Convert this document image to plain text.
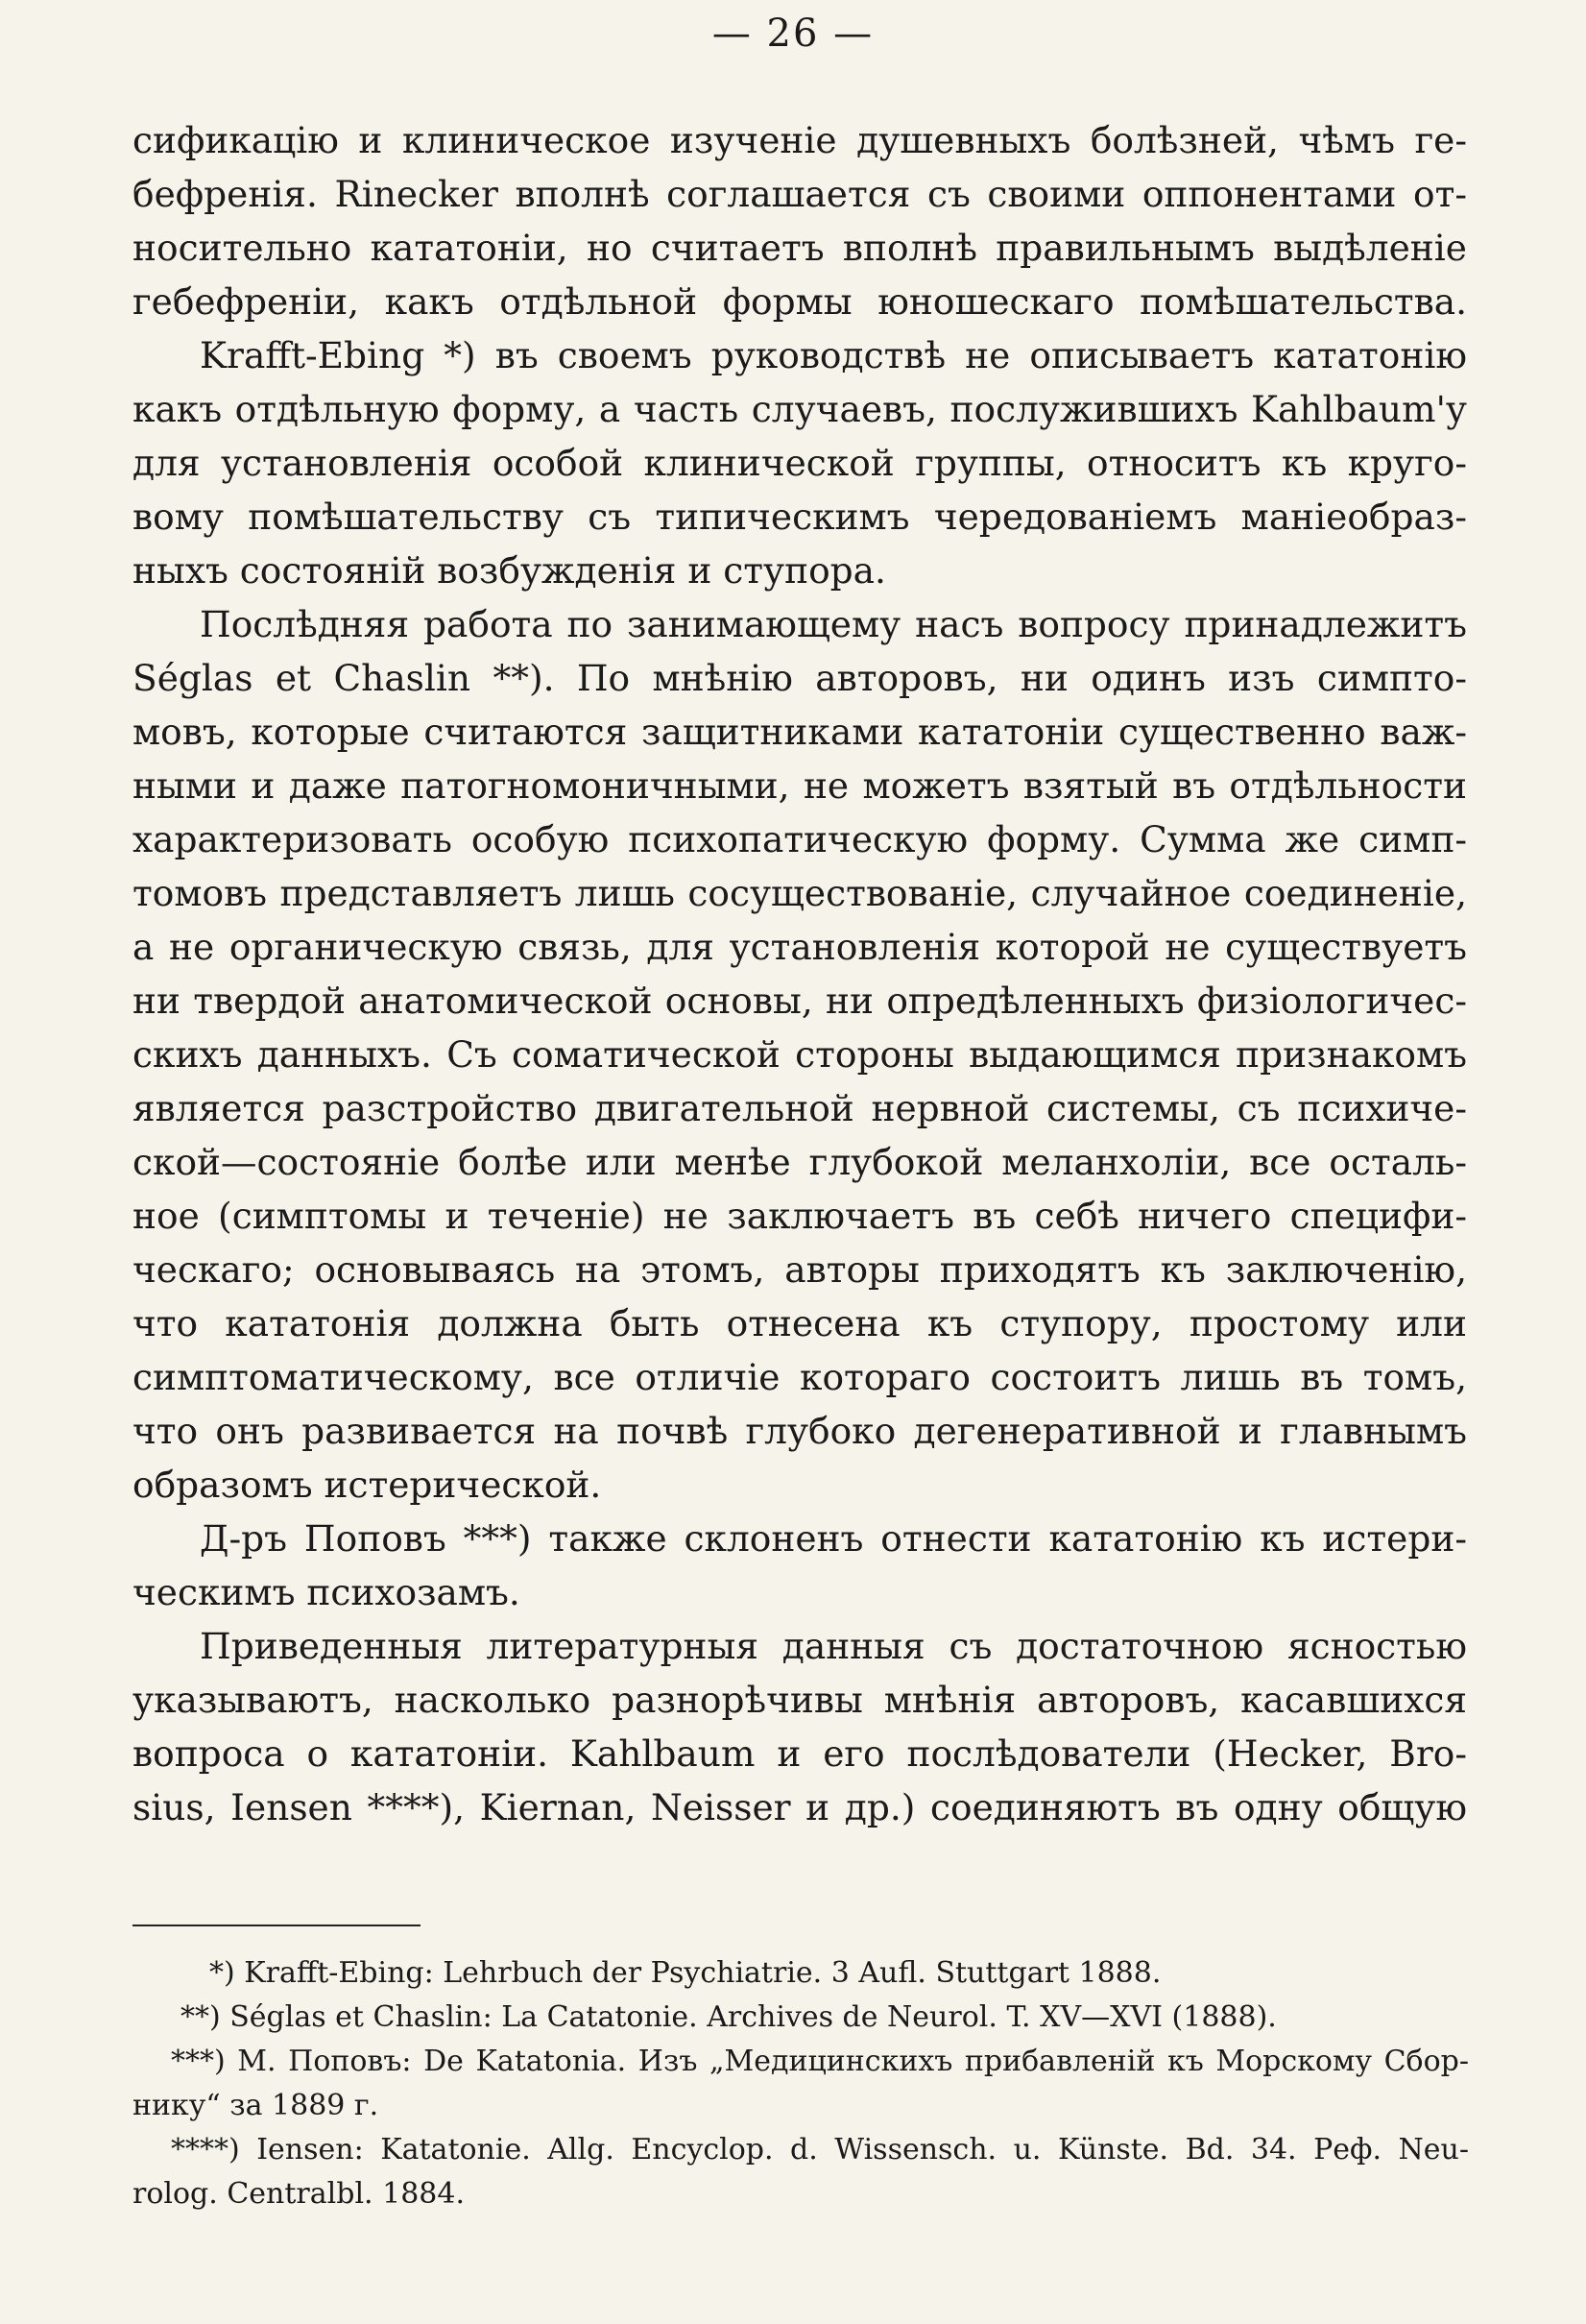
— 26 —
сификацію и клиническое изученіе душевныхъ болѣзней, чѣмъ ге-
бефренія. Rinecker вполнѣ соглашается съ своими оппонентами от-
носительно кататоніи, но считаетъ вполнѣ правильнымъ выдѣленіе
гебефреніи, какъ отдѣльной формы юношескаго помѣшательства.
Krafft-Ebing *) въ своемъ руководствѣ не описываетъ кататонію
какъ отдѣльную форму, а часть случаевъ, послужившихъ Kahlbaum'у
для установленія особой клинической группы, относитъ къ круго-
вому помѣшательству съ типическимъ чередованіемъ маніеобраз-
ныхъ состояній возбужденія и ступора.
Послѣдняя работа по занимающему насъ вопросу принадлежитъ
Séglas et Chaslin **). По мнѣнію авторовъ, ни одинъ изъ симпто-
мовъ, которые считаются защитниками кататоніи существенно важ-
ными и даже патогномоничными, не можетъ взятый въ отдѣльности
характеризовать особую психопатическую форму. Сумма же симп-
томовъ представляетъ лишь сосуществованіе, случайное соединеніе,
а не органическую связь, для установленія которой не существуетъ
ни твердой анатомической основы, ни опредѣленныхъ физіологичес-
скихъ данныхъ. Съ соматической стороны выдающимся признакомъ
является разстройство двигательной нервной системы, съ психиче-
ской—состояніе болѣе или менѣе глубокой меланхоліи, все осталь-
ное (симптомы и теченіе) не заключаетъ въ себѣ ничего специфи-
ческаго; основываясь на этомъ, авторы приходятъ къ заключенію,
что кататонія должна быть отнесена къ ступору, простому или
симптоматическому, все отличіе котораго состоитъ лишь въ томъ,
что онъ развивается на почвѣ глубоко дегенеративной и главнымъ
образомъ истерической.
Д-ръ Поповъ ***) также склоненъ отнести кататонію къ истери-
ческимъ психозамъ.
Приведенныя литературныя данныя съ достаточною ясностью
указываютъ, насколько разнорѣчивы мнѣнія авторовъ, касавшихся
вопроса о кататоніи. Kahlbaum и его послѣдователи (Hecker, Bro-
sius, Iensen ****), Kiernan, Neisser и др.) соединяютъ въ одну общую
*) Krafft-Ebing: Lehrbuch der Psychiatrie. 3 Aufl. Stuttgart 1888.
**) Séglas et Chaslin: La Catatonie. Archives de Neurol. T. XV—XVI (1888).
***) M. Поповъ: De Katatonia. Изъ „Медицинскихъ прибавленій къ Морскому Сбор-
нику“ за 1889 г.
****) Iensen: Katatonie. Allg. Encyclop. d. Wissensch. u. Künste. Bd. 34. Реф. Neu-
rolog. Centralbl. 1884.
